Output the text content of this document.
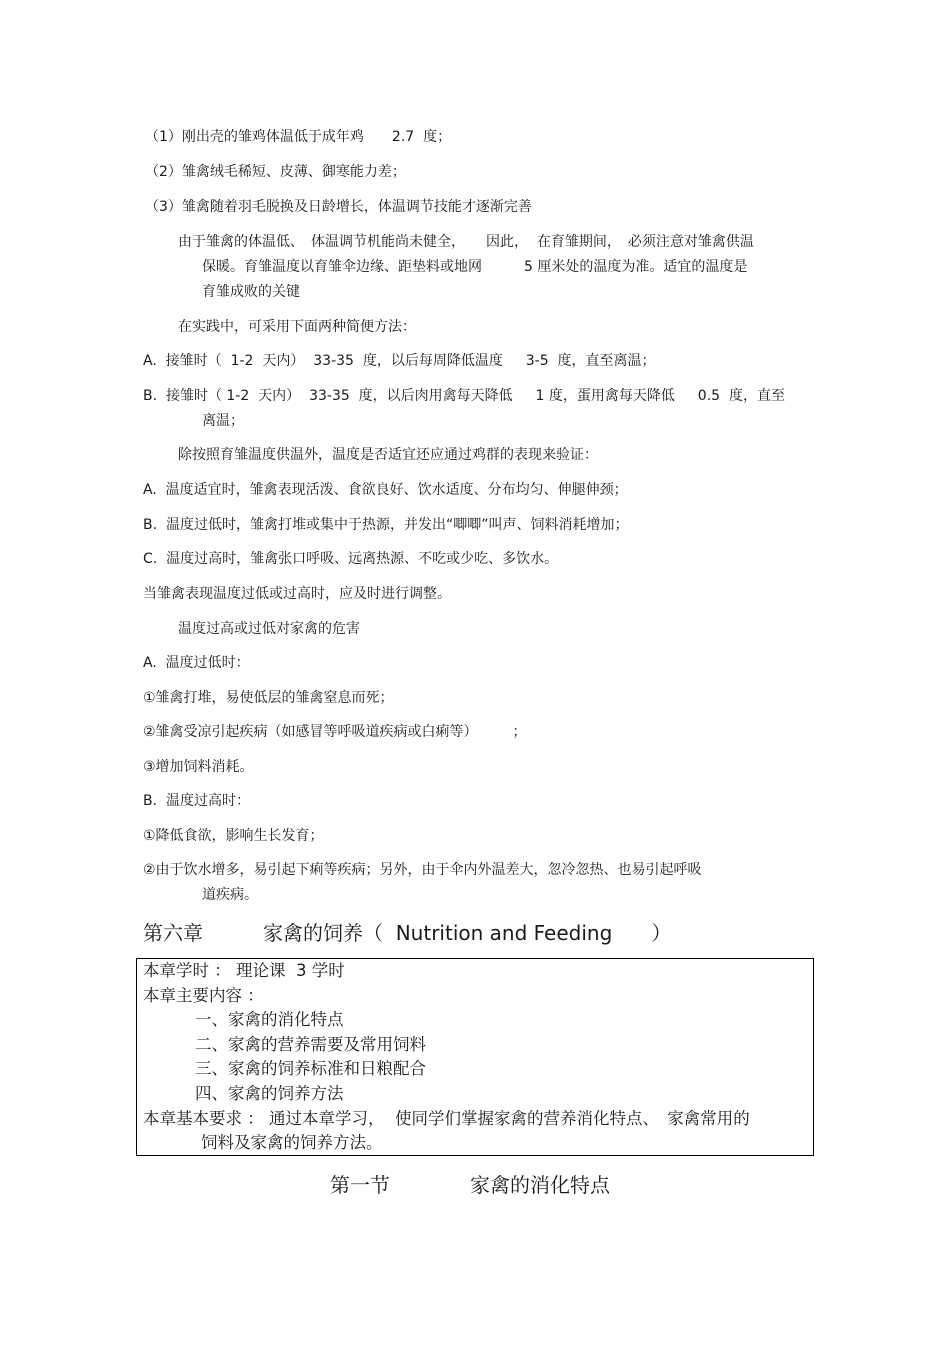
（1）刚出壳的雏鸡体温低于成年鸡　　2.7  度；
（2）雏禽绒毛稀短、皮薄、御寒能力差；
（3）雏禽随着羽毛脱换及日龄增长，体温调节技能才逐渐完善
由于雏禽的体温低、　体温调节机能尚未健全，　　因此，  在育雏期间，　必须注意对雏禽供温
保暖。育雏温度以育雏伞边缘、距垫料或地网　　　5 厘米处的温度为准。适宜的温度是
育雏成败的关键
在实践中，可采用下面两种简便方法：
A.  接雏时（  1-2  天内）  33-35  度，以后每周降低温度　  3-5  度，直至离温；
B.  接雏时（ 1-2  天内）  33-35  度，以后肉用禽每天降低　  1 度，蛋用禽每天降低　  0.5  度，直至
离温；
除按照育雏温度供温外，温度是否适宜还应通过鸡群的表现来验证：
A.  温度适宜时，雏禽表现活泼、食欲良好、饮水适度、分布均匀、伸腿伸颈；
B.  温度过低时，雏禽打堆或集中于热源，并发出“唧唧”叫声、饲料消耗增加；
C.  温度过高时，雏禽张口呼吸、远离热源、不吃或少吃、多饮水。
当雏禽表现温度过低或过高时，应及时进行调整。
温度过高或过低对家禽的危害
A.  温度过低时：
①雏禽打堆，易使低层的雏禽窒息而死；
②雏禽受凉引起疾病（如感冒等呼吸道疾病或白痢等）　　　；
③增加饲料消耗。
B.  温度过高时：
①降低食欲，影响生长发育；
②由于饮水增多，易引起下痢等疾病；另外，由于伞内外温差大，忽冷忽热、也易引起呼吸
道疾病。
第六章　　　家禽的饲养（  Nutrition and Feeding 　  ）
本章学时 ： 理论课  3 学时
本章主要内容 ：
一、家禽的消化特点
二、家禽的营养需要及常用饲料
三、家禽的饲养标准和日粮配合
四、家禽的饲养方法
本章基本要求 ： 通过本章学习，  使同学们掌握家禽的营养消化特点、　家禽常用的
饲料及家禽的饲养方法。
第一节　　　　家禽的消化特点
